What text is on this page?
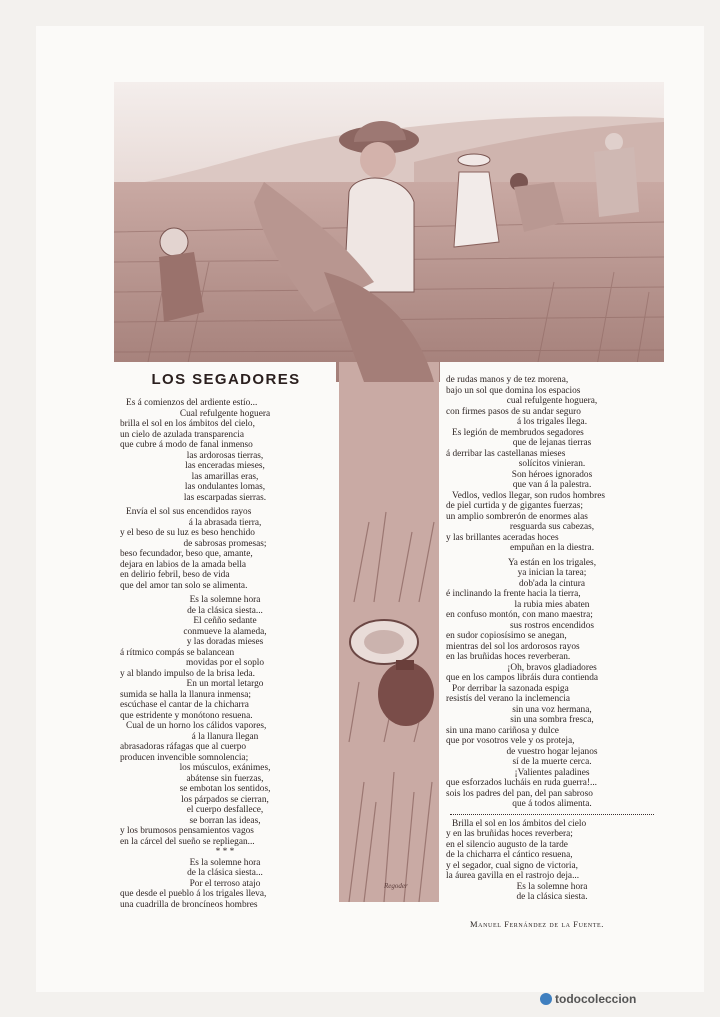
LOS SEGADORES
Es á comienzos del ardiente estío...
Cual refulgente hoguera
brilla el sol en los ámbitos del cielo,
un cielo de azulada transparencia
que cubre á modo de fanal inmenso
las ardorosas tierras,
las enceradas mieses,
las amarillas eras,
las ondulantes lomas,
las escarpadas sierras.
Envía el sol sus encendidos rayos
á la abrasada tierra,
y el beso de su luz es beso henchido
de sabrosas promesas;
beso fecundador, beso que, amante,
dejara en labios de la amada bella
en delirio febril, beso de vida
que del amor tan solo se alimenta.
Es la solemne hora
de la clásica siesta...
El ceñño sedante
conmueve la alameda,
y las doradas mieses
á rítmico compás se balancean
movidas por el soplo
y al blando impulso de la brisa leda.
En un mortal letargo
sumida se halla la llanura inmensa;
escúchase el cantar de la chicharra
que estridente y monótono resuena.
Cual de un horno los cálidos vapores,
á la llanura llegan
abrasadoras ráfagas que al cuerpo
producen invencible somnolencia;
los músculos, exánimes,
abátense sin fuerzas,
se embotan los sentidos,
los párpados se cierran,
el cuerpo desfallece,
se borran las ideas,
y los brumosos pensamientos vagos
en la cárcel del sueño se repliegan...
* * *
Es la solemne hora
de la clásica siesta...
Por el terroso atajo
que desde el pueblo á los trigales lleva,
una cuadrilla de broncíneos hombres
de rudas manos y de tez morena,
bajo un sol que domina los espacios
cual refulgente hoguera,
con firmes pasos de su andar seguro
á los trigales llega.
Es legión de membrudos segadores
que de lejanas tierras
á derribar las castellanas mieses
solícitos vinieran.
Son héroes ignorados
que van á la palestra.
Vedlos, vedlos llegar, son rudos hombres
de piel curtida y de gigantes fuerzas;
un amplio sombrerón de enormes alas
resguarda sus cabezas,
y las brillantes aceradas hoces
empuñan en la diestra.
Ya están en los trigales,
ya inician la tarea;
dob'ada la cintura
é inclinando la frente hacia la tierra,
la rubia mies abaten
en confuso montón, con mano maestra;
sus rostros encendidos
en sudor copiosísimo se anegan,
mientras del sol los ardorosos rayos
en las bruñidas hoces reverberan.
¡Oh, bravos gladiadores
que en los campos libráis dura contienda
Por derribar la sazonada espiga
resistís del verano la inclemencia
sin una voz hermana,
sin una sombra fresca,
sin una mano cariñosa y dulce
que por vosotros vele y os proteja,
de vuestro hogar lejanos
sí de la muerte cerca.
¡Valientes paladines
que esforzados lucháis en ruda guerra!...
sois los padres del pan, del pan sabroso
que á todos alimenta.
Brilla el sol en los ámbitos del cielo
y en las bruñidas hoces reverbera;
en el silencio augusto de la tarde
de la chicharra el cántico resuena,
y el segador, cual signo de victoria,
la áurea gavilla en el rastrojo deja...
Es la solemne hora
de la clásica siesta.
Regoder
Manuel Fernández de la Fuente.
todocoleccion
